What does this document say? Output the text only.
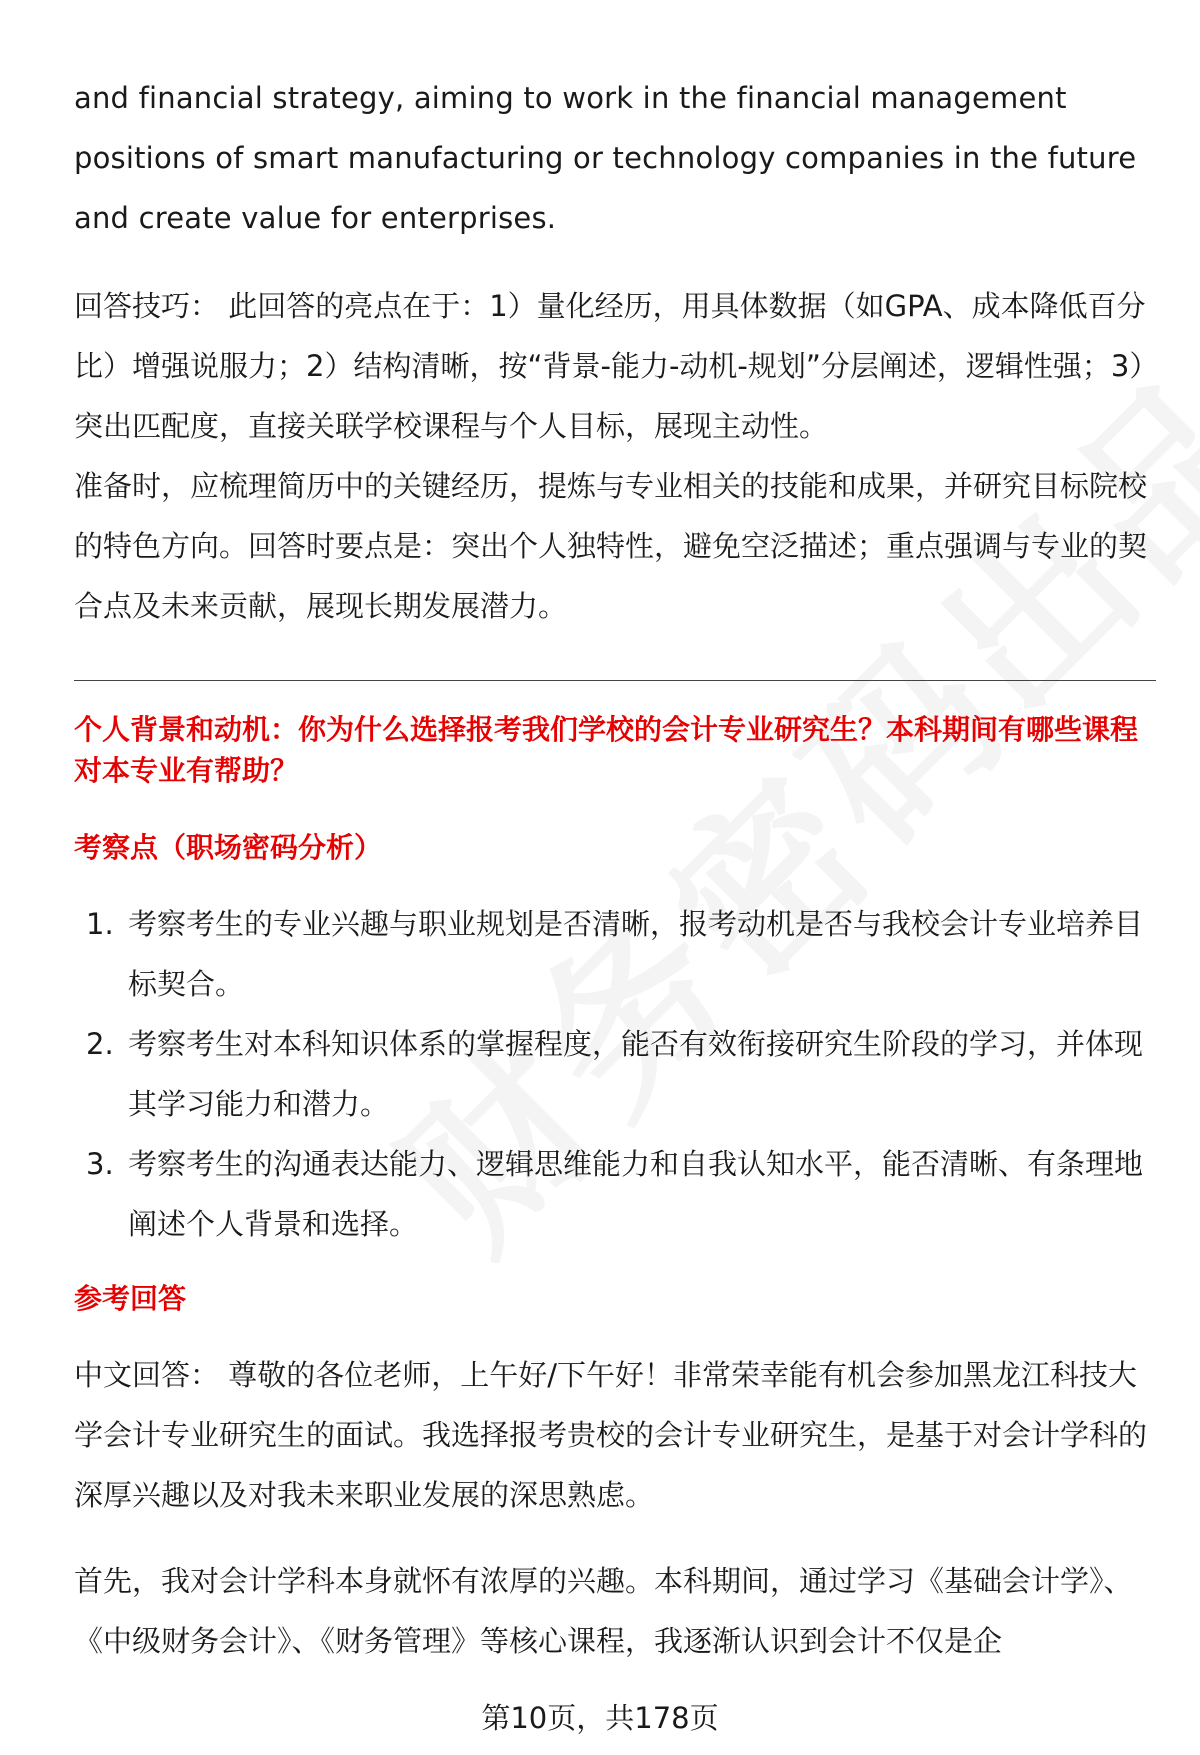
and financial strategy, aiming to work in the financial management positions of smart manufacturing or technology companies in the future and create value for enterprises.

回答技巧： 此回答的亮点在于：1）量化经历，用具体数据（如GPA、成本降低百分比）增强说服力；2）结构清晰，按“背景-能力-动机-规划”分层阐述，逻辑性强；3）突出匹配度，直接关联学校课程与个人目标，展现主动性。

准备时，应梳理简历中的关键经历，提炼与专业相关的技能和成果，并研究目标院校的特色方向。回答时要点是：突出个人独特性，避免空泛描述；重点强调与专业的契合点及未来贡献，展现长期发展潜力。

个人背景和动机：你为什么选择报考我们学校的会计专业研究生？本科期间有哪些课程对本专业有帮助？

考察点（职场密码分析）

1. 考察考生的专业兴趣与职业规划是否清晰，报考动机是否与我校会计专业培养目标契合。
2. 考察考生对本科知识体系的掌握程度，能否有效衔接研究生阶段的学习，并体现其学习能力和潜力。
3. 考察考生的沟通表达能力、逻辑思维能力和自我认知水平，能否清晰、有条理地阐述个人背景和选择。

参考回答

中文回答： 尊敬的各位老师，上午好/下午好！非常荣幸能有机会参加黑龙江科技大学会计专业研究生的面试。我选择报考贵校的会计专业研究生，是基于对会计学科的深厚兴趣以及对我未来职业发展的深思熟虑。

首先，我对会计学科本身就怀有浓厚的兴趣。本科期间，通过学习《基础会计学》、《中级财务会计》、《财务管理》等核心课程，我逐渐认识到会计不仅是企

第10页，共178页
